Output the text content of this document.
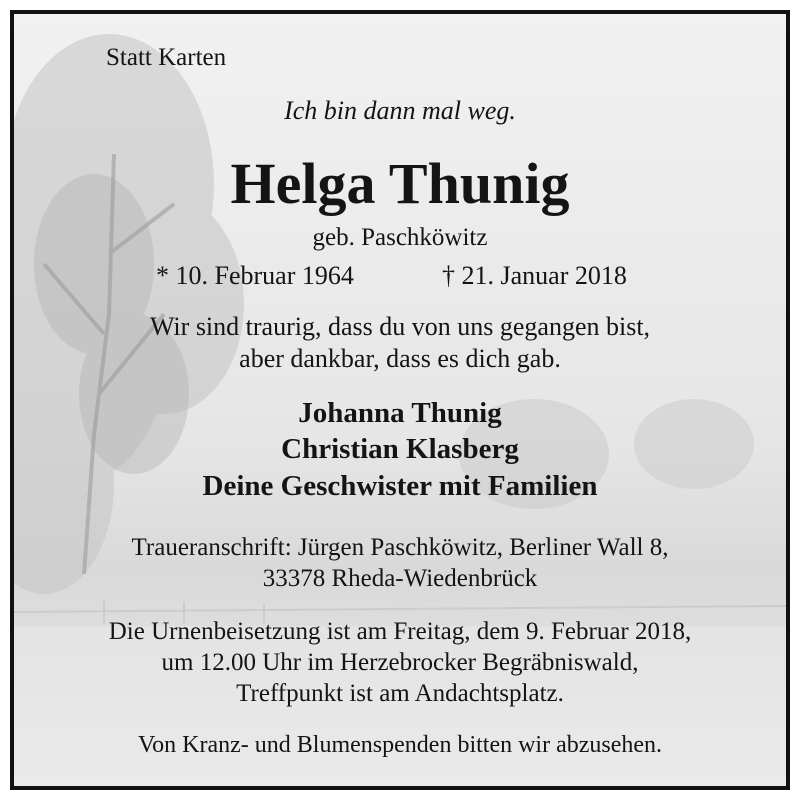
Statt Karten
Ich bin dann mal weg.
Helga Thunig
geb. Paschköwitz
* 10. Februar 1964	† 21. Januar 2018
Wir sind traurig, dass du von uns gegangen bist,
aber dankbar, dass es dich gab.
Johanna Thunig
Christian Klasberg
Deine Geschwister mit Familien
Traueranschrift: Jürgen Paschköwitz, Berliner Wall 8,
33378 Rheda-Wiedenbrück
Die Urnenbeisetzung ist am Freitag, dem 9. Februar 2018,
um 12.00 Uhr im Herzebrocker Begräbniswald,
Treffpunkt ist am Andachtsplatz.
Von Kranz- und Blumenspenden bitten wir abzusehen.
